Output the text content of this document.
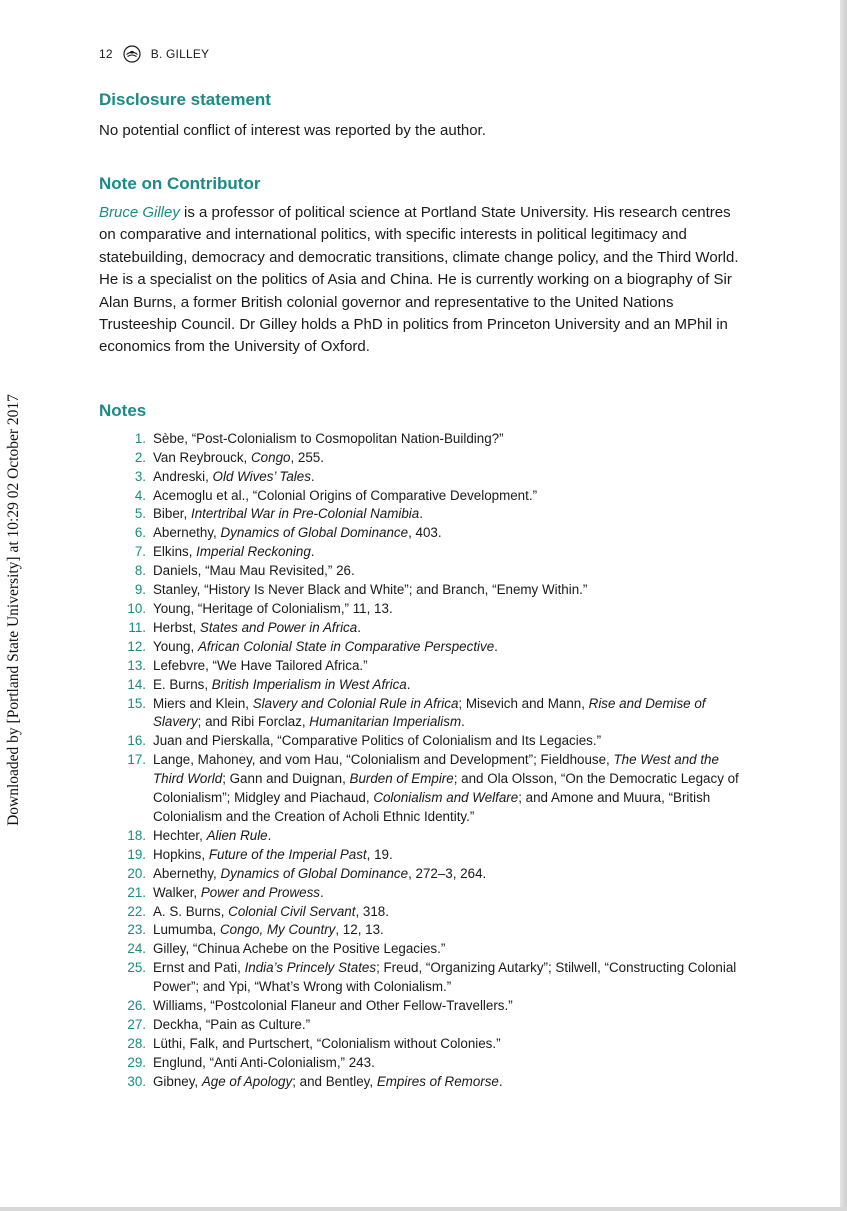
12	B. GILLEY
Downloaded by [Portland State University] at 10:29 02 October 2017
Disclosure statement

No potential conflict of interest was reported by the author.

Note on Contributor

Bruce Gilley is a professor of political science at Portland State University. His research centres on comparative and international politics, with specific interests in political legitimacy and statebuilding, democracy and democratic transitions, climate change policy, and the Third World. He is a specialist on the politics of Asia and China. He is currently working on a biography of Sir Alan Burns, a former British colonial governor and representative to the United Nations Trusteeship Council. Dr Gilley holds a PhD in politics from Princeton University and an MPhil in economics from the University of Oxford.

Notes
1. Sèbe, “Post-Colonialism to Cosmopolitan Nation-Building?”
2. Van Reybrouck, Congo, 255.
3. Andreski, Old Wives’ Tales.
4. Acemoglu et al., “Colonial Origins of Comparative Development.”
5. Biber, Intertribal War in Pre-Colonial Namibia.
6. Abernethy, Dynamics of Global Dominance, 403.
7. Elkins, Imperial Reckoning.
8. Daniels, “Mau Mau Revisited,” 26.
9. Stanley, “History Is Never Black and White”; and Branch, “Enemy Within.”
10. Young, “Heritage of Colonialism,” 11, 13.
11. Herbst, States and Power in Africa.
12. Young, African Colonial State in Comparative Perspective.
13. Lefebvre, “We Have Tailored Africa.”
14. E. Burns, British Imperialism in West Africa.
15. Miers and Klein, Slavery and Colonial Rule in Africa; Misevich and Mann, Rise and Demise of Slavery; and Ribi Forclaz, Humanitarian Imperialism.
16. Juan and Pierskalla, “Comparative Politics of Colonialism and Its Legacies.”
17. Lange, Mahoney, and vom Hau, “Colonialism and Development”; Fieldhouse, The West and the Third World; Gann and Duignan, Burden of Empire; and Ola Olsson, “On the Democratic Legacy of Colonialism”; Midgley and Piachaud, Colonialism and Welfare; and Amone and Muura, “British Colonialism and the Creation of Acholi Ethnic Identity.”
18. Hechter, Alien Rule.
19. Hopkins, Future of the Imperial Past, 19.
20. Abernethy, Dynamics of Global Dominance, 272–3, 264.
21. Walker, Power and Prowess.
22. A. S. Burns, Colonial Civil Servant, 318.
23. Lumumba, Congo, My Country, 12, 13.
24. Gilley, “Chinua Achebe on the Positive Legacies.”
25. Ernst and Pati, India’s Princely States; Freud, “Organizing Autarky”; Stilwell, “Constructing Colonial Power”; and Ypi, “What’s Wrong with Colonialism.”
26. Williams, “Postcolonial Flaneur and Other Fellow-Travellers.”
27. Deckha, “Pain as Culture.”
28. Lüthi, Falk, and Purtschert, “Colonialism without Colonies.”
29. Englund, “Anti Anti-Colonialism,” 243.
30. Gibney, Age of Apology; and Bentley, Empires of Remorse.
